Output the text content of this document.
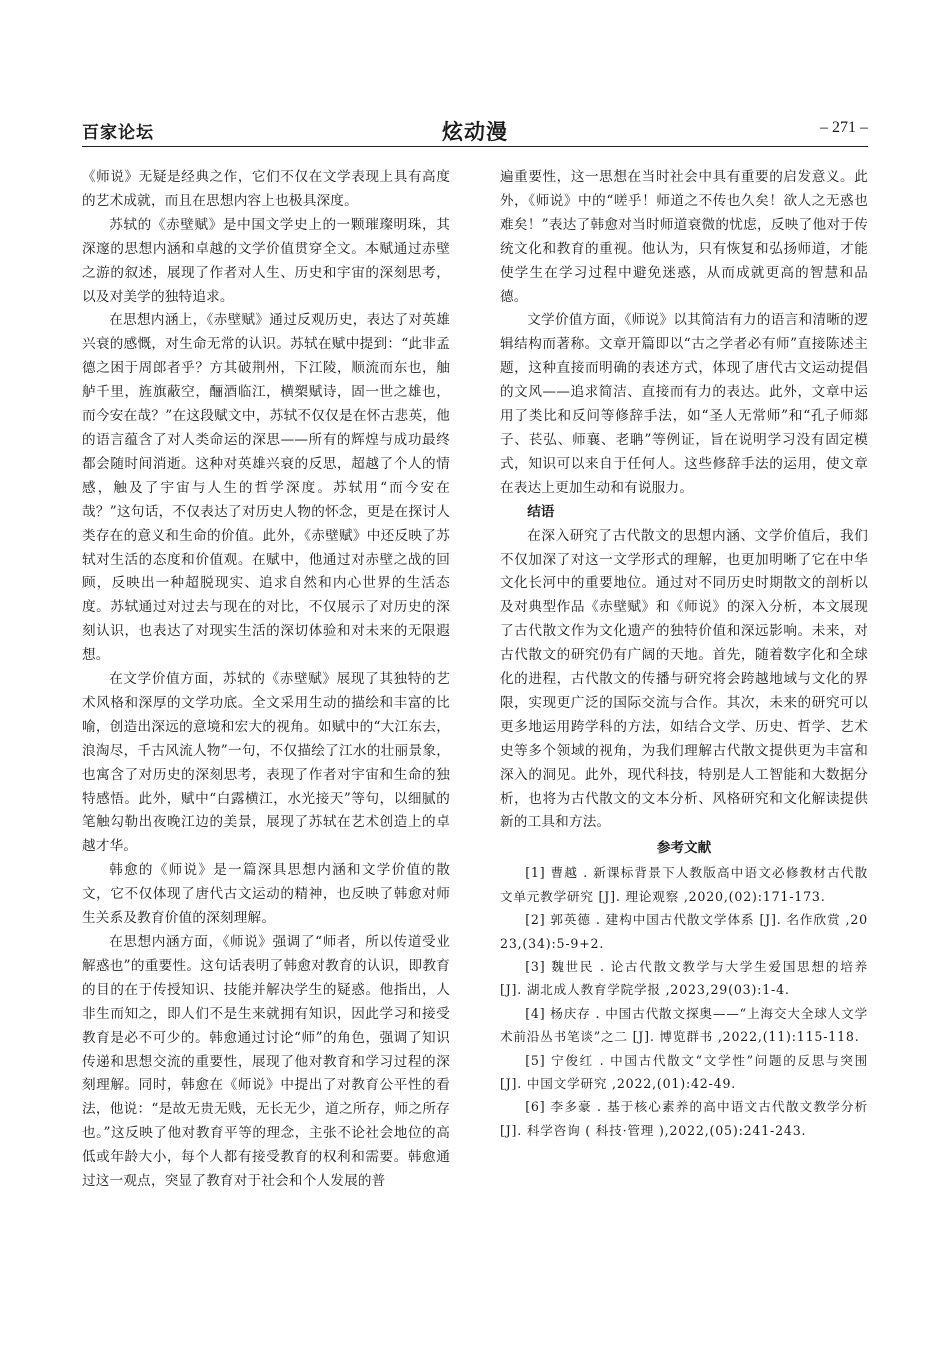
百家论坛	炫动漫	– 271 –

《师说》无疑是经典之作，它们不仅在文学表现上具有高度的艺术成就，而且在思想内容上也极具深度。

苏轼的《赤壁赋》是中国文学史上的一颗璀璨明珠，其深邃的思想内涵和卓越的文学价值贯穿全文。本赋通过赤壁之游的叙述，展现了作者对人生、历史和宇宙的深刻思考，以及对美学的独特追求。

在思想内涵上，《赤壁赋》通过反观历史，表达了对英雄兴衰的感慨，对生命无常的认识。苏轼在赋中提到：“此非孟德之困于周郎者乎？方其破荆州，下江陵，顺流而东也，舳舻千里，旌旗蔽空，酾酒临江，横槊赋诗，固一世之雄也，而今安在哉？”在这段赋文中，苏轼不仅仅是在怀古悲英，他的语言蕴含了对人类命运的深思——所有的辉煌与成功最终都会随时间消逝。这种对英雄兴衰的反思，超越了个人的情感，触及了宇宙与人生的哲学深度。苏轼用“而今安在哉？”这句话，不仅表达了对历史人物的怀念，更是在探讨人类存在的意义和生命的价值。此外，《赤壁赋》中还反映了苏轼对生活的态度和价值观。在赋中，他通过对赤壁之战的回顾，反映出一种超脱现实、追求自然和内心世界的生活态度。苏轼通过对过去与现在的对比，不仅展示了对历史的深刻认识，也表达了对现实生活的深切体验和对未来的无限遐想。

在文学价值方面，苏轼的《赤壁赋》展现了其独特的艺术风格和深厚的文学功底。全文采用生动的描绘和丰富的比喻，创造出深远的意境和宏大的视角。如赋中的“大江东去，浪淘尽，千古风流人物”一句，不仅描绘了江水的壮丽景象，也寓含了对历史的深刻思考，表现了作者对宇宙和生命的独特感悟。此外，赋中“白露横江，水光接天”等句，以细腻的笔触勾勒出夜晚江边的美景，展现了苏轼在艺术创造上的卓越才华。

韩愈的《师说》是一篇深具思想内涵和文学价值的散文，它不仅体现了唐代古文运动的精神，也反映了韩愈对师生关系及教育价值的深刻理解。

在思想内涵方面，《师说》强调了“师者，所以传道受业解惑也”的重要性。这句话表明了韩愈对教育的认识，即教育的目的在于传授知识、技能并解决学生的疑惑。他指出，人非生而知之，即人们不是生来就拥有知识，因此学习和接受教育是必不可少的。韩愈通过讨论“师”的角色，强调了知识传递和思想交流的重要性，展现了他对教育和学习过程的深刻理解。同时，韩愈在《师说》中提出了对教育公平性的看法，他说：“是故无贵无贱，无长无少，道之所存，师之所存也。”这反映了他对教育平等的理念，主张不论社会地位的高低或年龄大小，每个人都有接受教育的权利和需要。韩愈通过这一观点，突显了教育对于社会和个人发展的普

遍重要性，这一思想在当时社会中具有重要的启发意义。此外，《师说》中的“嗟乎！师道之不传也久矣！欲人之无惑也难矣！”表达了韩愈对当时师道衰微的忧虑，反映了他对于传统文化和教育的重视。他认为，只有恢复和弘扬师道，才能使学生在学习过程中避免迷惑，从而成就更高的智慧和品德。

文学价值方面，《师说》以其简洁有力的语言和清晰的逻辑结构而著称。文章开篇即以“古之学者必有师”直接陈述主题，这种直接而明确的表述方式，体现了唐代古文运动提倡的文风——追求简洁、直接而有力的表达。此外，文章中运用了类比和反问等修辞手法，如“圣人无常师”和“孔子师郯子、苌弘、师襄、老聃”等例证，旨在说明学习没有固定模式，知识可以来自于任何人。这些修辞手法的运用，使文章在表达上更加生动和有说服力。

结语

在深入研究了古代散文的思想内涵、文学价值后，我们不仅加深了对这一文学形式的理解，也更加明晰了它在中华文化长河中的重要地位。通过对不同历史时期散文的剖析以及对典型作品《赤壁赋》和《师说》的深入分析，本文展现了古代散文作为文化遗产的独特价值和深远影响。未来，对古代散文的研究仍有广阔的天地。首先，随着数字化和全球化的进程，古代散文的传播与研究将会跨越地域与文化的界限，实现更广泛的国际交流与合作。其次，未来的研究可以更多地运用跨学科的方法，如结合文学、历史、哲学、艺术史等多个领域的视角，为我们理解古代散文提供更为丰富和深入的洞见。此外，现代科技，特别是人工智能和大数据分析，也将为古代散文的文本分析、风格研究和文化解读提供新的工具和方法。

参考文献

[1] 曹越 . 新课标背景下人教版高中语文必修教材古代散文单元教学研究 [J]. 理论观察 ,2020,(02):171-173.

[2] 郭英德 . 建构中国古代散文学体系 [J]. 名作欣赏 ,2023,(34):5-9+2.

[3] 魏世民 . 论古代散文教学与大学生爱国思想的培养 [J]. 湖北成人教育学院学报 ,2023,29(03):1-4.

[4] 杨庆存 . 中国古代散文探奥——“上海交大全球人文学术前沿丛书笔谈”之二 [J]. 博览群书 ,2022,(11):115-118.

[5] 宁俊红 . 中国古代散文“文学性”问题的反思与突围 [J]. 中国文学研究 ,2022,(01):42-49.

[6] 李多豪 . 基于核心素养的高中语文古代散文教学分析 [J]. 科学咨询 ( 科技·管理 ),2022,(05):241-243.
